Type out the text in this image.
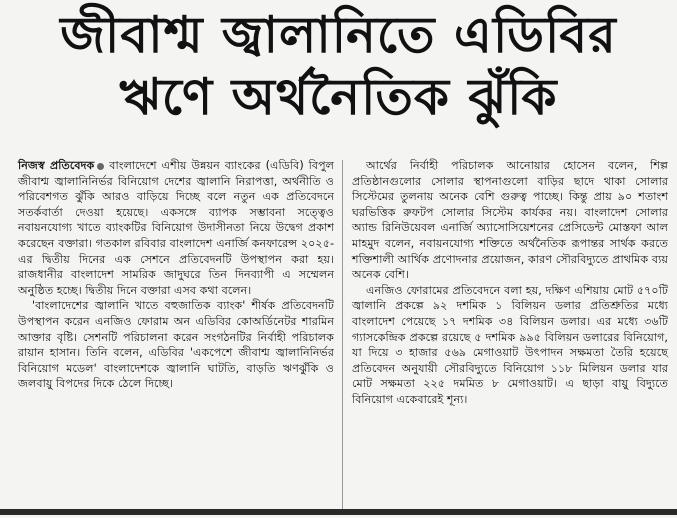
জীবাশ্ম জ্বালানিতে এডিবির
ঋণে অর্থনৈতিক ঝুঁকি

নিজস্ব প্রতিবেদক বাংলাদেশে এশীয় উন্নয়ন ব্যাংকের (এডিবি) বিপুল জীবাশ্ম জ্বালানিনির্ভর বিনিয়োগ দেশের জ্বালানি নিরাপত্তা, অর্থনীতি ও পরিবেশগত ঝুঁকি আরও বাড়িয়ে দিচ্ছে বলে নতুন এক প্রতিবেদনে সতর্কবার্তা দেওয়া হয়েছে। একসঙ্গে ব্যাপক সম্ভাবনা সত্ত্বেও নবায়নযোগ্য খাতে ব্যাংকটির বিনিয়োগ উদাসীনতা নিয়ে উদ্বেগ প্রকাশ করেছেন বক্তারা। গতকাল রবিবার বাংলাদেশ এনার্জি কনফারেন্স ২০২৫-এর দ্বিতীয় দিনের এক সেশনে প্রতিবেদনটি উপস্থাপন করা হয়। রাজধানীর বাংলাদেশ সামরিক জাদুঘরে তিন দিনব্যাপী এ সম্মেলন অনুষ্ঠিত হচ্ছে। দ্বিতীয় দিনে বক্তারা এসব কথা বলেন।

'বাংলাদেশের জ্বালানি খাতে বহুজাতিক ব্যাংক' শীর্ষক প্রতিবেদনটি উপস্থাপন করেন এনজিও ফোরাম অন এডিবির কোঅর্ডিনেটর শারমিন আক্তার বৃষ্টি। সেশনটি পরিচালনা করেন সংগঠনটির নির্বাহী পরিচালক রায়ান হাসান। তিনি বলেন, এডিবির 'একপেশে জীবাশ্ম জ্বালানিনির্ভর বিনিয়োগ মডেল' বাংলাদেশকে জ্বালানি ঘাটতি, বাড়তি ঋণঝুঁকি ও জলবায়ু বিপদের দিকে ঠেলে দিচ্ছে।

আর্থের নির্বাহী পরিচালক আনোয়ার হোসেন বলেন, শিল্প প্রতিষ্ঠানগুলোর সোলার স্থাপনাগুলো বাড়ির ছাদে থাকা সোলার সিস্টেমের তুলনায় অনেক বেশি গুরুত্ব পাচ্ছে। কিন্তু প্রায় ৯০ শতাংশ ঘরভিত্তিক রুফটপ সোলার সিস্টেম কার্যকর নয়। বাংলাদেশ সোলার অ্যান্ড রিনিউয়েবল এনার্জি অ্যাসোসিয়েশনের প্রেসিডেন্ট মোস্তফা আল মাহমুদ বলেন, নবায়নযোগ্য শক্তিতে অর্থনৈতিক রূপান্তর সার্থক করতে শক্তিশালী আর্থিক প্রণোদনার প্রয়োজন, কারণ সৌরবিদ্যুতে প্রাথমিক ব্যয় অনেক বেশি।

এনজিও ফোরামের প্রতিবেদনে বলা হয়, দক্ষিণ এশিয়ায় মোট ৫৭০টি জ্বালানি প্রকল্পে ৯২ দশমিক ১ বিলিয়ন ডলার প্রতিশ্রুতির মধ্যে বাংলাদেশ পেয়েছে ১৭ দশমিক ৩৪ বিলিয়ন ডলার। এর মধ্যে ৩৬টি গ্যাসকেন্দ্রিক প্রকল্পে রয়েছে ৫ দশমিক ৯৯৫ বিলিয়ন ডলারের বিনিয়োগ, যা দিয়ে ৩ হাজার ৫৬৯ মেগাওয়াট উৎপাদন সক্ষমতা তৈরি হয়েছে প্রতিবেদন অনুযায়ী সৌরবিদ্যুতে বিনিয়োগ ১১৮ মিলিয়ন ডলার যার মোট সক্ষমতা ২২৫ দমমিত ৮ মেগাওয়াট। এ ছাড়া বায়ু বিদ্যুতে বিনিয়োগ একেবারেই শূন্য।
